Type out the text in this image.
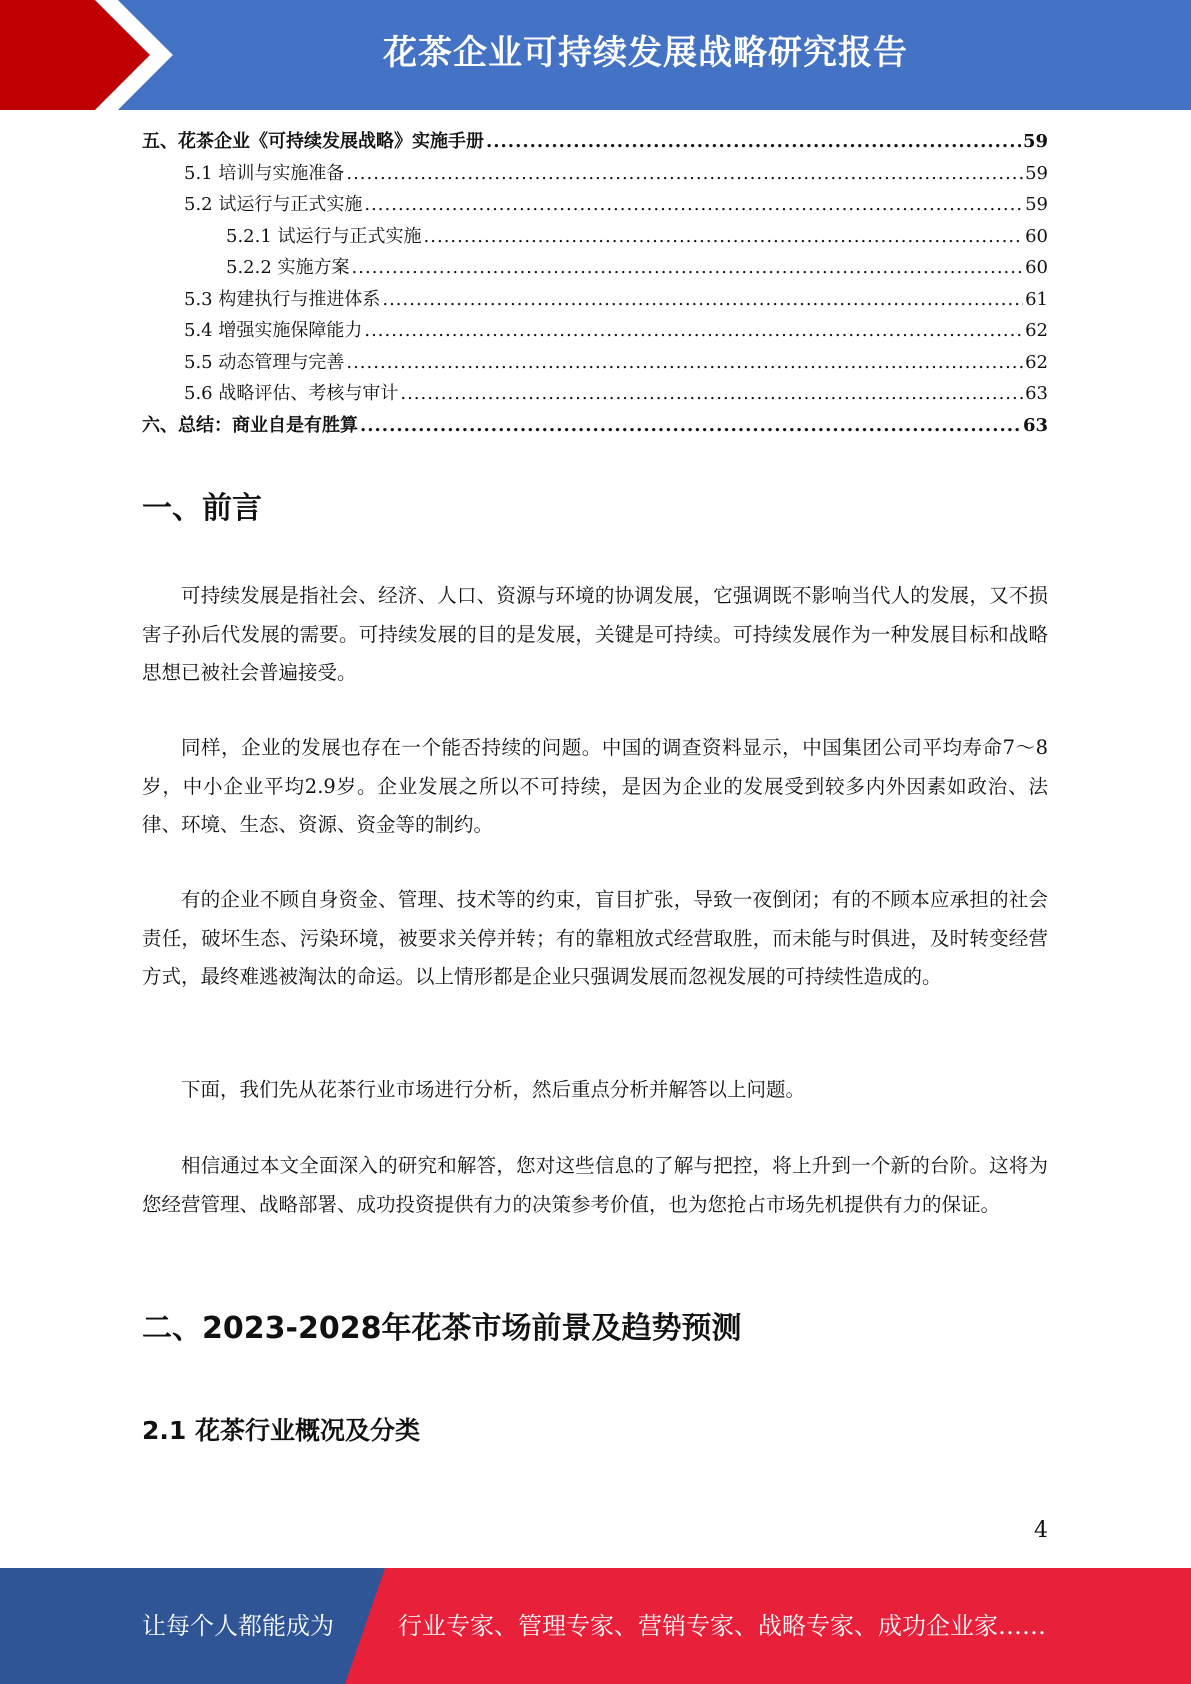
花茶企业可持续发展战略研究报告
五、花茶企业《可持续发展战略》实施手册 .....	59
5.1 培训与实施准备 .....	59
5.2 试运行与正式实施 .....	59
5.2.1 试运行与正式实施 .....	60
5.2.2 实施方案 .....	60
5.3 构建执行与推进体系 .....	61
5.4 增强实施保障能力 .....	62
5.5 动态管理与完善 .....	62
5.6 战略评估、考核与审计 .....	63
六、总结：商业自是有胜算 .....	63
一、前言

可持续发展是指社会、经济、人口、资源与环境的协调发展，它强调既不影响当代人的发展，又不损害子孙后代发展的需要。可持续发展的目的是发展，关键是可持续。可持续发展作为一种发展目标和战略思想已被社会普遍接受。

同样，企业的发展也存在一个能否持续的问题。中国的调查资料显示，中国集团公司平均寿命7～8岁，中小企业平均2.9岁。企业发展之所以不可持续，是因为企业的发展受到较多内外因素如政治、法律、环境、生态、资源、资金等的制约。

有的企业不顾自身资金、管理、技术等的约束，盲目扩张，导致一夜倒闭；有的不顾本应承担的社会责任，破坏生态、污染环境，被要求关停并转；有的靠粗放式经营取胜，而未能与时俱进，及时转变经营方式，最终难逃被淘汰的命运。以上情形都是企业只强调发展而忽视发展的可持续性造成的。

下面，我们先从花茶行业市场进行分析，然后重点分析并解答以上问题。

相信通过本文全面深入的研究和解答，您对这些信息的了解与把控，将上升到一个新的台阶。这将为您经营管理、战略部署、成功投资提供有力的决策参考价值，也为您抢占市场先机提供有力的保证。

二、2023-2028年花茶市场前景及趋势预测
2.1 花茶行业概况及分类
4
让每个人都能成为	行业专家、管理专家、营销专家、战略专家、成功企业家……
